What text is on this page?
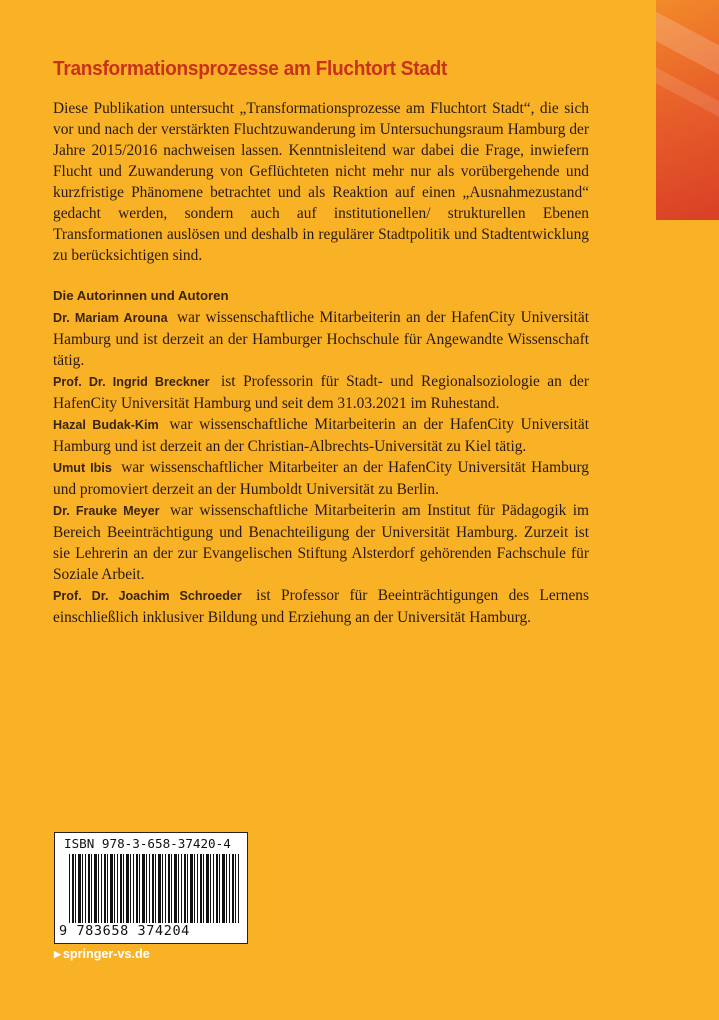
Transformationsprozesse am Fluchtort Stadt

Diese Publikation untersucht „Transformationsprozesse am Fluchtort Stadt“, die sich vor und nach der verstärkten Fluchtzuwanderung im Untersuchungsraum Hamburg der Jahre 2015/2016 nachweisen lassen. Kenntnisleitend war dabei die Frage, inwiefern Flucht und Zuwanderung von Geflüchteten nicht mehr nur als vorübergehende und kurzfristige Phänomene betrachtet und als Reaktion auf einen „Ausnahmezustand“ gedacht werden, sondern auch auf institutionellen/ strukturellen Ebenen Transformationen auslösen und deshalb in regulärer Stadtpolitik und Stadtentwicklung zu berücksichtigen sind.

Die Autorinnen und Autoren

Dr. Mariam Arouna war wissenschaftliche Mitarbeiterin an der HafenCity Universität Hamburg und ist derzeit an der Hamburger Hochschule für Angewandte Wissenschaft tätig.

Prof. Dr. Ingrid Breckner ist Professorin für Stadt- und Regionalsoziologie an der HafenCity Universität Hamburg und seit dem 31.03.2021 im Ruhestand.

Hazal Budak-Kim war wissenschaftliche Mitarbeiterin an der HafenCity Universität Hamburg und ist derzeit an der Christian-Albrechts-Universität zu Kiel tätig.

Umut Ibis war wissenschaftlicher Mitarbeiter an der HafenCity Universität Hamburg und promoviert derzeit an der Humboldt Universität zu Berlin.

Dr. Frauke Meyer war wissenschaftliche Mitarbeiterin am Institut für Pädagogik im Bereich Beeinträchtigung und Benachteiligung der Universität Hamburg. Zurzeit ist sie Lehrerin an der zur Evangelischen Stiftung Alsterdorf gehörenden Fachschule für Soziale Arbeit.

Prof. Dr. Joachim Schroeder ist Professor für Beeinträchtigungen des Lernens einschließlich inklusiver Bildung und Erziehung an der Universität Hamburg.

ISBN 978-3-658-37420-4
9 783658 374204

▶ springer-vs.de
